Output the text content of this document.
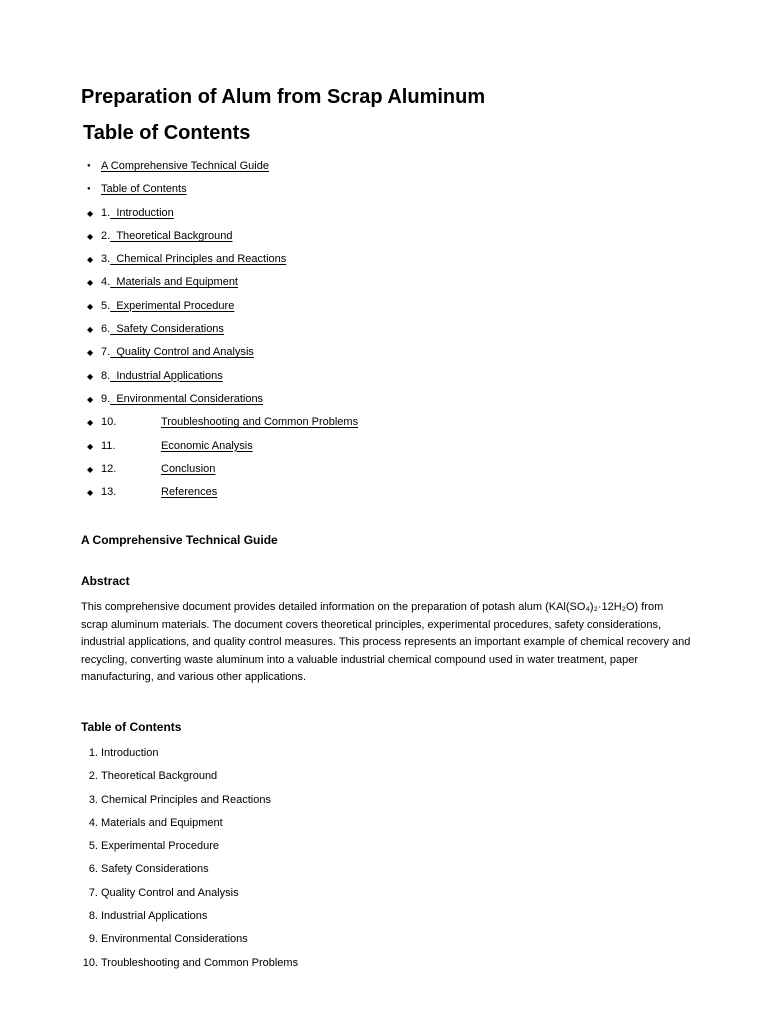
Preparation of Alum from Scrap Aluminum
Table of Contents
● A Comprehensive Technical Guide
● Table of Contents
◆ 1. Introduction
◆ 2. Theoretical Background
◆ 3. Chemical Principles and Reactions
◆ 4. Materials and Equipment
◆ 5. Experimental Procedure
◆ 6. Safety Considerations
◆ 7. Quality Control and Analysis
◆ 8. Industrial Applications
◆ 9. Environmental Considerations
◆ 10.	Troubleshooting and Common Problems
◆ 11.	Economic Analysis
◆ 12.	Conclusion
◆ 13.	References
A Comprehensive Technical Guide
Abstract

This comprehensive document provides detailed information on the preparation of potash alum (KAl(SO₄)₂·12H₂O) from scrap aluminum materials. The document covers theoretical principles, experimental procedures, safety considerations, industrial applications, and quality control measures. This process represents an important example of chemical recovery and recycling, converting waste aluminum into a valuable industrial chemical compound used in water treatment, paper manufacturing, and various other applications.

Table of Contents
1. Introduction
2. Theoretical Background
3. Chemical Principles and Reactions
4. Materials and Equipment
5. Experimental Procedure
6. Safety Considerations
7. Quality Control and Analysis
8. Industrial Applications
9. Environmental Considerations
10. Troubleshooting and Common Problems
